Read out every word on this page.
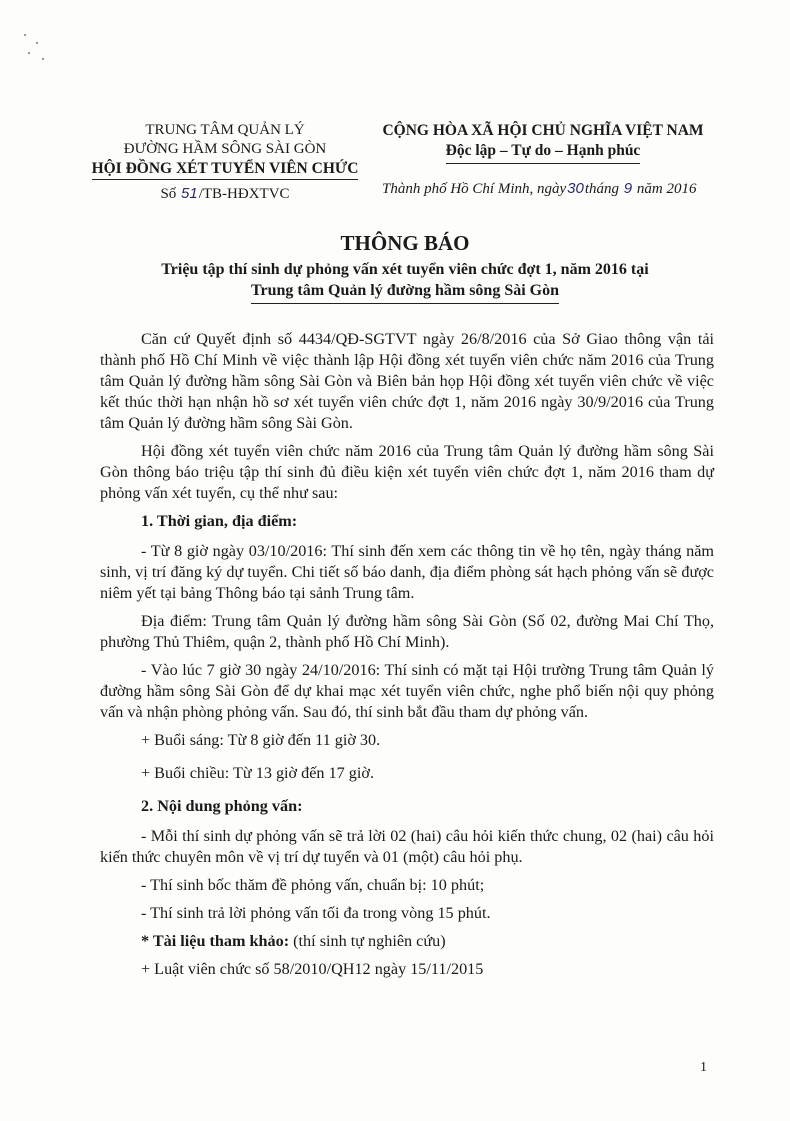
TRUNG TÂM QUẢN LÝ
ĐƯỜNG HẦM SÔNG SÀI GÒN
HỘI ĐỒNG XÉT TUYỂN VIÊN CHỨC
Số 51/TB-HĐXTVC
CỘNG HÒA XÃ HỘI CHỦ NGHĨA VIỆT NAM
Độc lập – Tự do – Hạnh phúc
Thành phố Hồ Chí Minh, ngày30tháng 9 năm 2016
THÔNG BÁO
Triệu tập thí sinh dự phỏng vấn xét tuyển viên chức đợt 1, năm 2016 tại
Trung tâm Quản lý đường hầm sông Sài Gòn

Căn cứ Quyết định số 4434/QĐ-SGTVT ngày 26/8/2016 của Sở Giao thông vận tải thành phố Hồ Chí Minh về việc thành lập Hội đồng xét tuyển viên chức năm 2016 của Trung tâm Quản lý đường hầm sông Sài Gòn và Biên bản họp Hội đồng xét tuyển viên chức về việc kết thúc thời hạn nhận hồ sơ xét tuyển viên chức đợt 1, năm 2016 ngày 30/9/2016 của Trung tâm Quản lý đường hầm sông Sài Gòn.

Hội đồng xét tuyển viên chức năm 2016 của Trung tâm Quản lý đường hầm sông Sài Gòn thông báo triệu tập thí sinh đủ điều kiện xét tuyển viên chức đợt 1, năm 2016 tham dự phỏng vấn xét tuyển, cụ thể như sau:

1. Thời gian, địa điểm:

- Từ 8 giờ ngày 03/10/2016: Thí sinh đến xem các thông tin về họ tên, ngày tháng năm sinh, vị trí đăng ký dự tuyển. Chi tiết số báo danh, địa điểm phòng sát hạch phỏng vấn sẽ được niêm yết tại bảng Thông báo tại sảnh Trung tâm.

Địa điểm: Trung tâm Quản lý đường hầm sông Sài Gòn (Số 02, đường Mai Chí Thọ, phường Thủ Thiêm, quận 2, thành phố Hồ Chí Minh).

- Vào lúc 7 giờ 30 ngày 24/10/2016: Thí sinh có mặt tại Hội trường Trung tâm Quản lý đường hầm sông Sài Gòn để dự khai mạc xét tuyển viên chức, nghe phổ biến nội quy phỏng vấn và nhận phòng phỏng vấn. Sau đó, thí sinh bắt đầu tham dự phỏng vấn.

+ Buổi sáng: Từ 8 giờ đến 11 giờ 30.

+ Buổi chiều: Từ 13 giờ đến 17 giờ.

2. Nội dung phỏng vấn:

- Mỗi thí sinh dự phỏng vấn sẽ trả lời 02 (hai) câu hỏi kiến thức chung, 02 (hai) câu hỏi kiến thức chuyên môn về vị trí dự tuyển và 01 (một) câu hỏi phụ.

- Thí sinh bốc thăm đề phỏng vấn, chuẩn bị: 10 phút;

- Thí sinh trả lời phỏng vấn tối đa trong vòng 15 phút.

* Tài liệu tham khảo: (thí sinh tự nghiên cứu)

+ Luật viên chức số 58/2010/QH12 ngày 15/11/2015

1
